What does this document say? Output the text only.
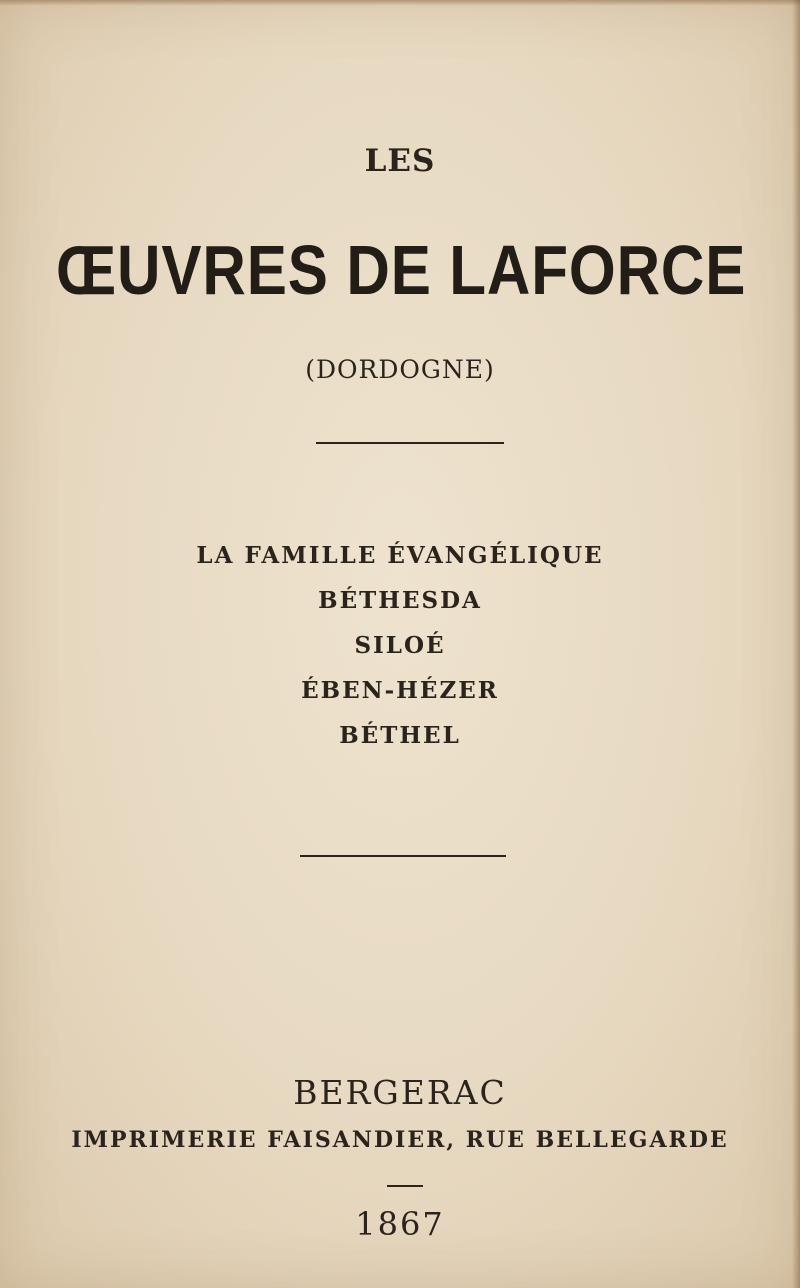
LES
ŒUVRES DE LAFORCE
(DORDOGNE)
LA FAMILLE ÉVANGÉLIQUE
BÉTHESDA
SILOÉ
ÉBEN-HÉZER
BÉTHEL
BERGERAC
IMPRIMERIE FAISANDIER, RUE BELLEGARDE
1867
